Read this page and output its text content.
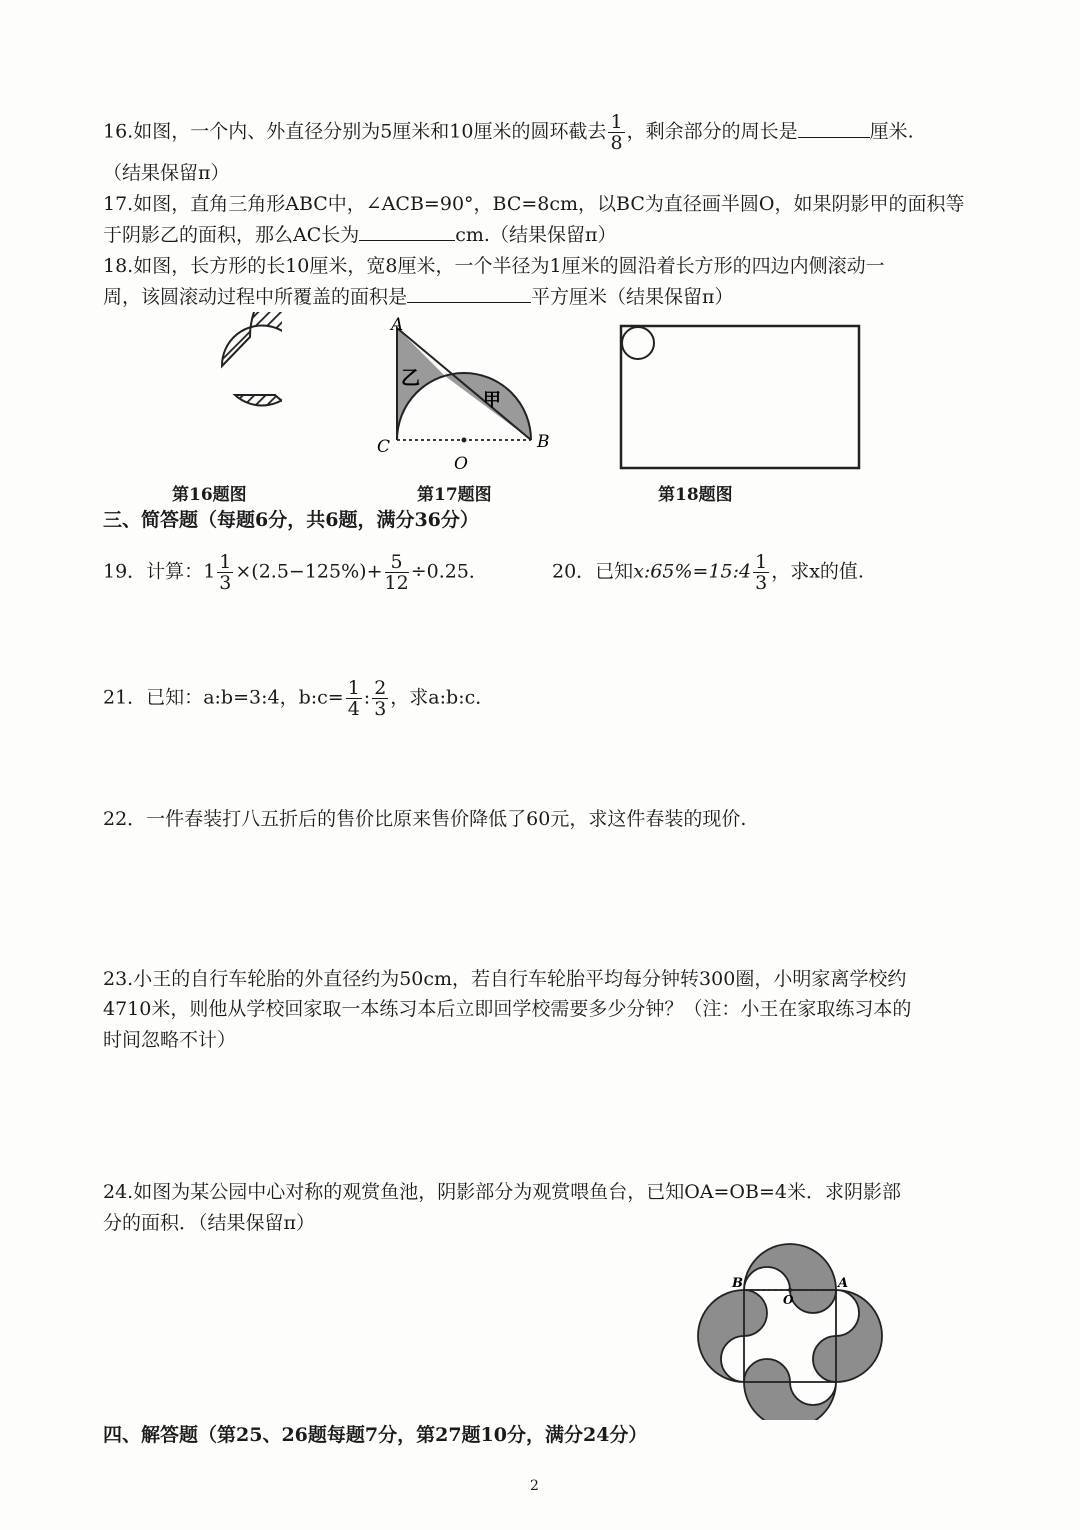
16.如图，一个内、外直径分别为5厘米和10厘米的圆环截去 $\frac{1}{8}$ ，剩余部分的周长是	厘米.
（结果保留π）
17.如图，直角三角形ABC中，∠ACB=90°，BC=8cm，以BC为直径画半圆O，如果阴影甲的面积等
于阴影乙的面积，那么AC长为	cm.（结果保留π）
18.如图，长方形的长10厘米，宽8厘米，一个半径为1厘米的圆沿着长方形的四边内侧滚动一
周，该圆滚动过程中所覆盖的面积是	平方厘米（结果保留π）
A
C	B
O
乙
甲
第16题图	第17题图	第18题图
三、简答题（每题6分，共6题，满分36分）
19．计算：$1 \frac{1}{3} \times(2.5-125\%)+ \frac{5}{12} \div 0.25$．	20．已知x:65%=15:4 $\frac{1}{3}$ ，求x的值.
21．已知：a:b=3:4，b:c= $\frac{1}{4}$ : $\frac{2}{3}$ ，求a:b:c．
22．一件春装打八五折后的售价比原来售价降低了60元，求这件春装的现价.
23.小王的自行车轮胎的外直径约为50cm，若自行车轮胎平均每分钟转300圈，小明家离学校约
4710米，则他从学校回家取一本练习本后立即回学校需要多少分钟？（注：小王在家取练习本的
时间忽略不计）
24.如图为某公园中心对称的观赏鱼池，阴影部分为观赏喂鱼台，已知OA=OB=4米．求阴影部
分的面积．（结果保留π）
B	A
O
四、解答题（第25、26题每题7分，第27题10分，满分24分）
2
